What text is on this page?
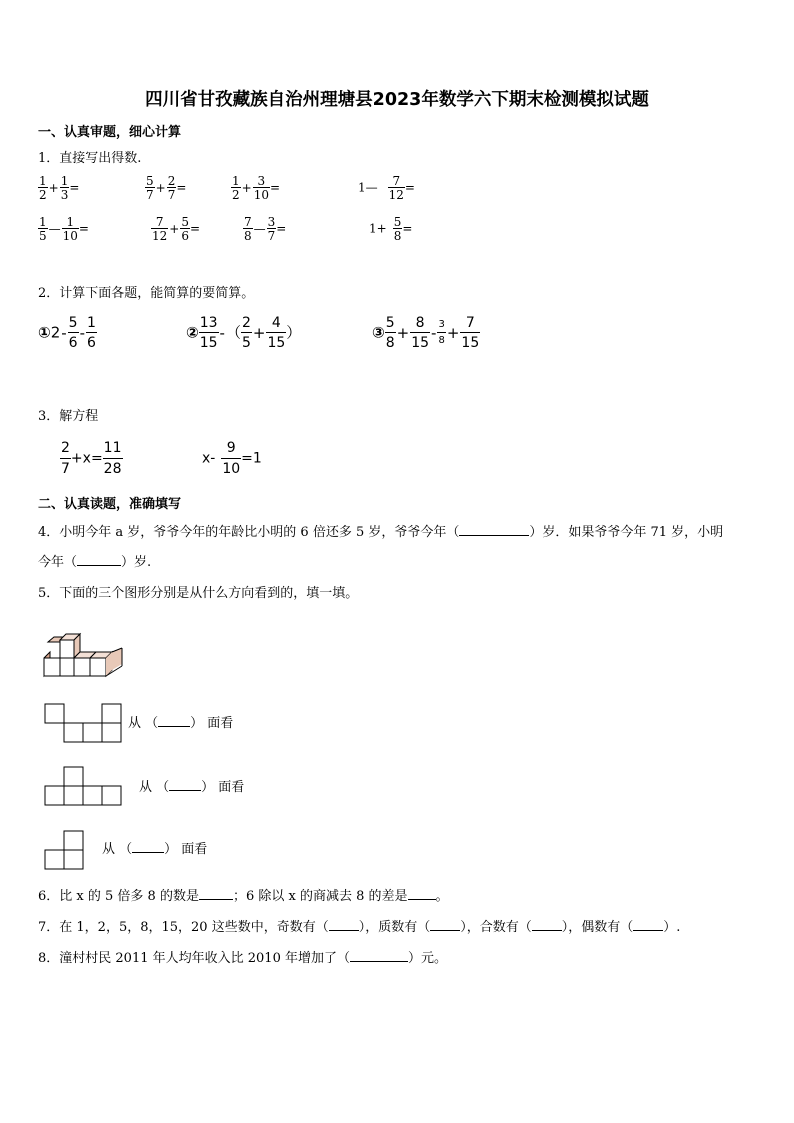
四川省甘孜藏族自治州理塘县2023年数学六下期末检测模拟试题
一、认真审题，细心计算
1．直接写出得数.
$\frac{1}{2} + \frac{1}{3}$ =	$\frac{5}{7} + \frac{2}{7}$ =	$\frac{1}{2} + \frac{3}{10}$ =	1— $\frac{7}{12}$ =
$\frac{1}{5}$ — $\frac{1}{10}$ =	$\frac{7}{12} + \frac{5}{6}$ =	$\frac{7}{8}$ — $\frac{3}{7}$ =	$1+ \frac{5}{8}$ =
2．计算下面各题，能简算的要简算。
①2- $\frac{5}{6} - \frac{1}{6}$	② $\frac{13}{15}$ -（ $\frac{2}{5} + \frac{4}{15}$ ）	③ $\frac{5}{8} + \frac{8}{15} - \frac{3}{8} + \frac{7}{15}$
3．解方程
$\frac{2}{7} +x= \frac{11}{28}$	$x- \frac{9}{10} =1$
二、认真读题，准确填写
4．小明今年 a 岁，爷爷今年的年龄比小明的 6 倍还多 5 岁，爷爷今年（	）岁．如果爷爷今年 71 岁，小明
今年（	）岁.
5．下面的三个图形分别是从什么方向看到的，填一填。
从 （ ） 面看
从 （ ） 面看
从 （ ） 面看
6．比 x 的 5 倍多 8 的数是	；6 除以 x 的商减去 8 的差是 。
7．在 1，2，5，8，15，20 这些数中，奇数有（ ），质数有（ ），合数有（ ），偶数有（ ）.
8．潼村村民 2011 年人均年收入比 2010 年增加了（	）元。
